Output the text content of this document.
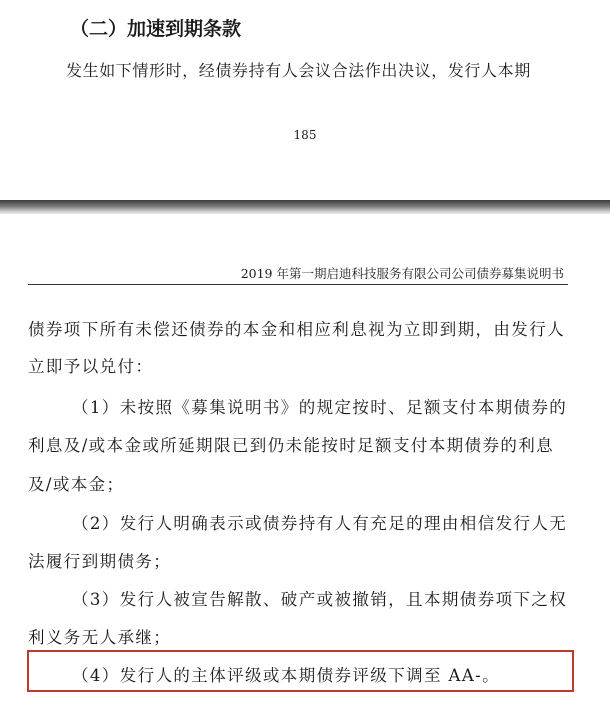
（二）加速到期条款
发生如下情形时，经债券持有人会议合法作出决议，发行人本期
185
2019 年第一期启迪科技服务有限公司公司债券募集说明书
债券项下所有未偿还债券的本金和相应利息视为立即到期，由发行人
立即予以兑付：
（1）未按照《募集说明书》的规定按时、足额支付本期债券的
利息及/或本金或所延期限已到仍未能按时足额支付本期债券的利息
及/或本金；
（2）发行人明确表示或债券持有人有充足的理由相信发行人无
法履行到期债务；
（3）发行人被宣告解散、破产或被撤销，且本期债券项下之权
利义务无人承继；
（4）发行人的主体评级或本期债券评级下调至 AA-。
